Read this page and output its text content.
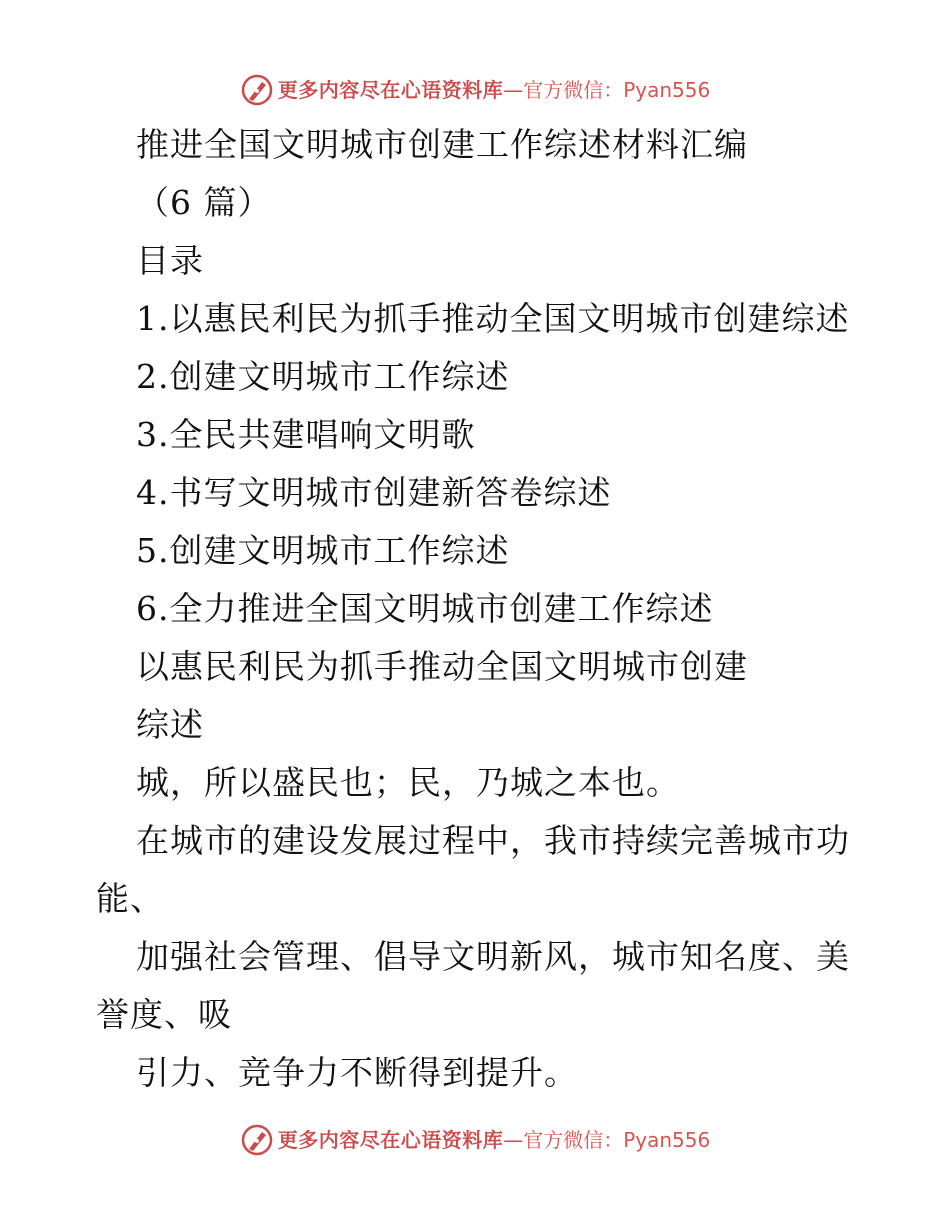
更多内容尽在心语资料库 — 官方微信：Pyan556
推进全国文明城市创建工作综述材料汇编
（6 篇）
目录
1.以惠民利民为抓手推动全国文明城市创建综述
2.创建文明城市工作综述
3.全民共建唱响文明歌
4.书写文明城市创建新答卷综述
5.创建文明城市工作综述
6.全力推进全国文明城市创建工作综述
以惠民利民为抓手推动全国文明城市创建
综述
城，所以盛民也；民，乃城之本也。
在城市的建设发展过程中，我市持续完善城市功
能、
加强社会管理、倡导文明新风，城市知名度、美
誉度、吸
引力、竞争力不断得到提升。
更多内容尽在心语资料库 — 官方微信：Pyan556
